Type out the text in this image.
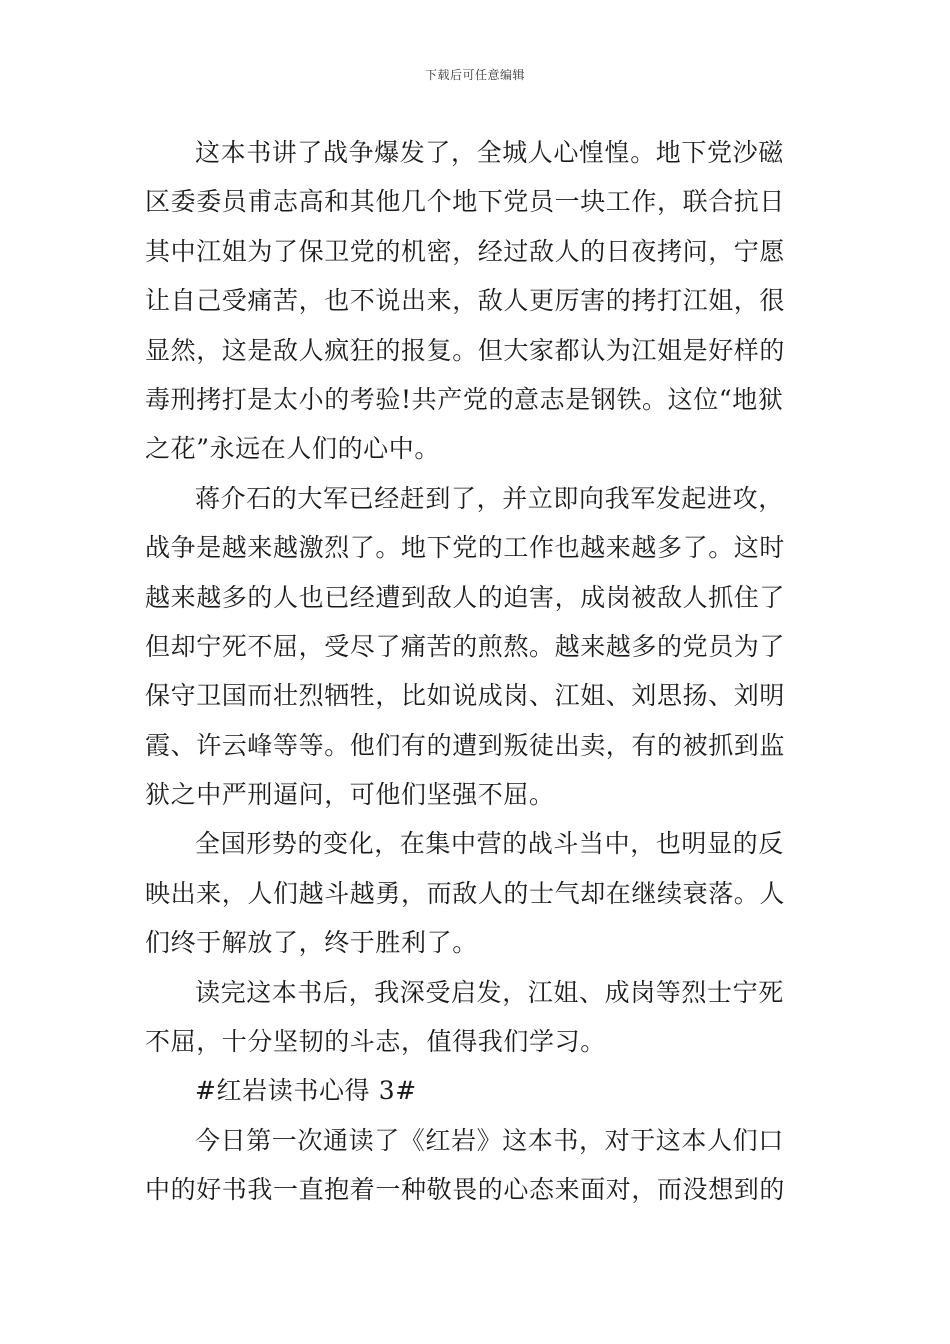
下载后可任意编辑
这本书讲了战争爆发了，全城人心惶惶。地下党沙磁
区委委员甫志高和其他几个地下党员一块工作，联合抗日
其中江姐为了保卫党的机密，经过敌人的日夜拷问，宁愿
让自己受痛苦，也不说出来，敌人更厉害的拷打江姐，很
显然，这是敌人疯狂的报复。但大家都认为江姐是好样的
毒刑拷打是太小的考验!共产党的意志是钢铁。这位“地狱
之花”永远在人们的心中。
蒋介石的大军已经赶到了，并立即向我军发起进攻，
战争是越来越激烈了。地下党的工作也越来越多了。这时
越来越多的人也已经遭到敌人的迫害，成岗被敌人抓住了
但却宁死不屈，受尽了痛苦的煎熬。越来越多的党员为了
保守卫国而壮烈牺牲，比如说成岗、江姐、刘思扬、刘明
霞、许云峰等等。他们有的遭到叛徒出卖，有的被抓到监
狱之中严刑逼问，可他们坚强不屈。
全国形势的变化，在集中营的战斗当中，也明显的反
映出来，人们越斗越勇，而敌人的士气却在继续衰落。人
们终于解放了，终于胜利了。
读完这本书后，我深受启发，江姐、成岗等烈士宁死
不屈，十分坚韧的斗志，值得我们学习。
#红岩读书心得 3#
今日第一次通读了《红岩》这本书，对于这本人们口
中的好书我一直抱着一种敬畏的心态来面对，而没想到的
